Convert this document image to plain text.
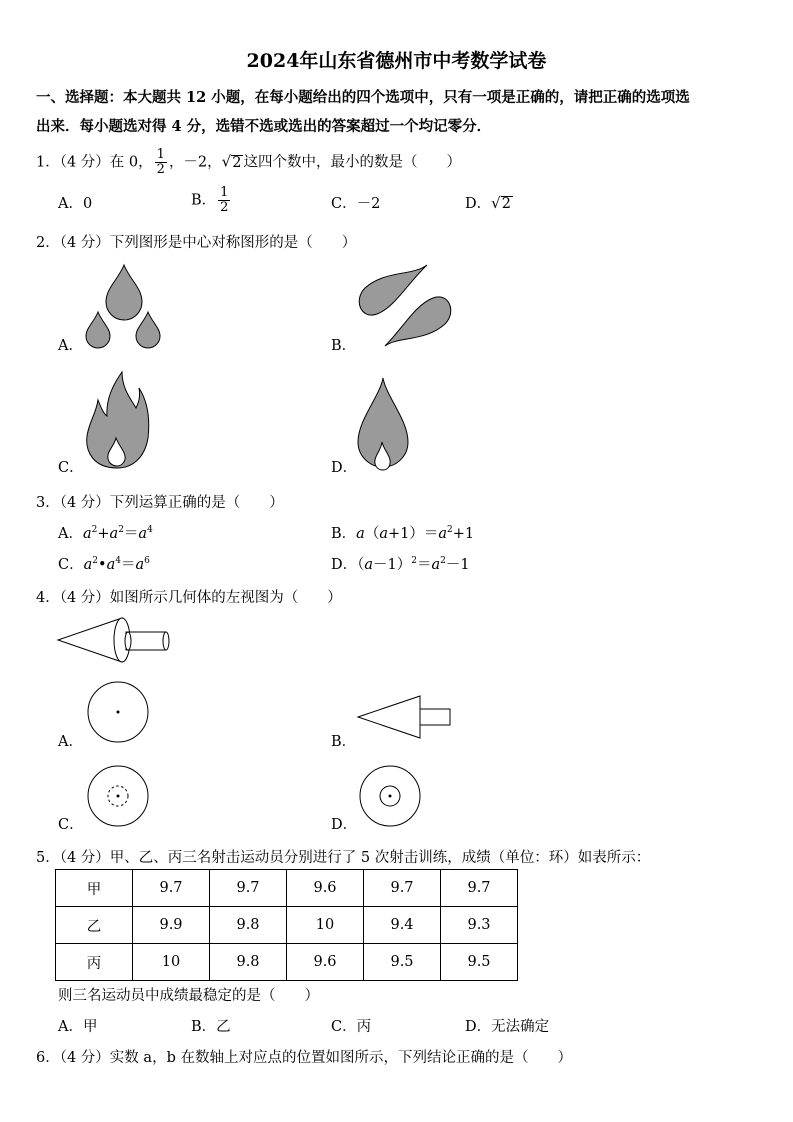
2024年山东省德州市中考数学试卷
一、选择题：本大题共 12 小题，在每小题给出的四个选项中，只有一项是正确的，请把正确的选项选
出来．每小题选对得 4 分，选错不选或选出的答案超过一个均记零分．
1．（4 分）在 0， $\frac{1}{2}$ ，－2，√2 这四个数中，最小的数是（　　）
A．0	B． $\frac{1}{2}$	C．－2	D．√2
2．（4 分）下列图形是中心对称图形的是（　　）
A．	B．
C．	D．
3．（4 分）下列运算正确的是（　　）
A．$a^2+a^2=a^4$	B．$a(a+1)=a^2+1$
C．$a^2•a^4=a^6$	D．$(a-1)^2=a^2-1$
4．（4 分）如图所示几何体的左视图为（　　）
A．	B．
C．	D．
5．（4 分）甲、乙、丙三名射击运动员分别进行了 5 次射击训练，成绩（单位：环）如表所示：
甲	9.7	9.7	9.6	9.7	9.7
乙	9.9	9.8	10	9.4	9.3
丙	10	9.8	9.6	9.5	9.5
则三名运动员中成绩最稳定的是（　　）
A．甲	B．乙	C．丙	D．无法确定
6．（4 分）实数 a，b 在数轴上对应点的位置如图所示，下列结论正确的是（　　）
